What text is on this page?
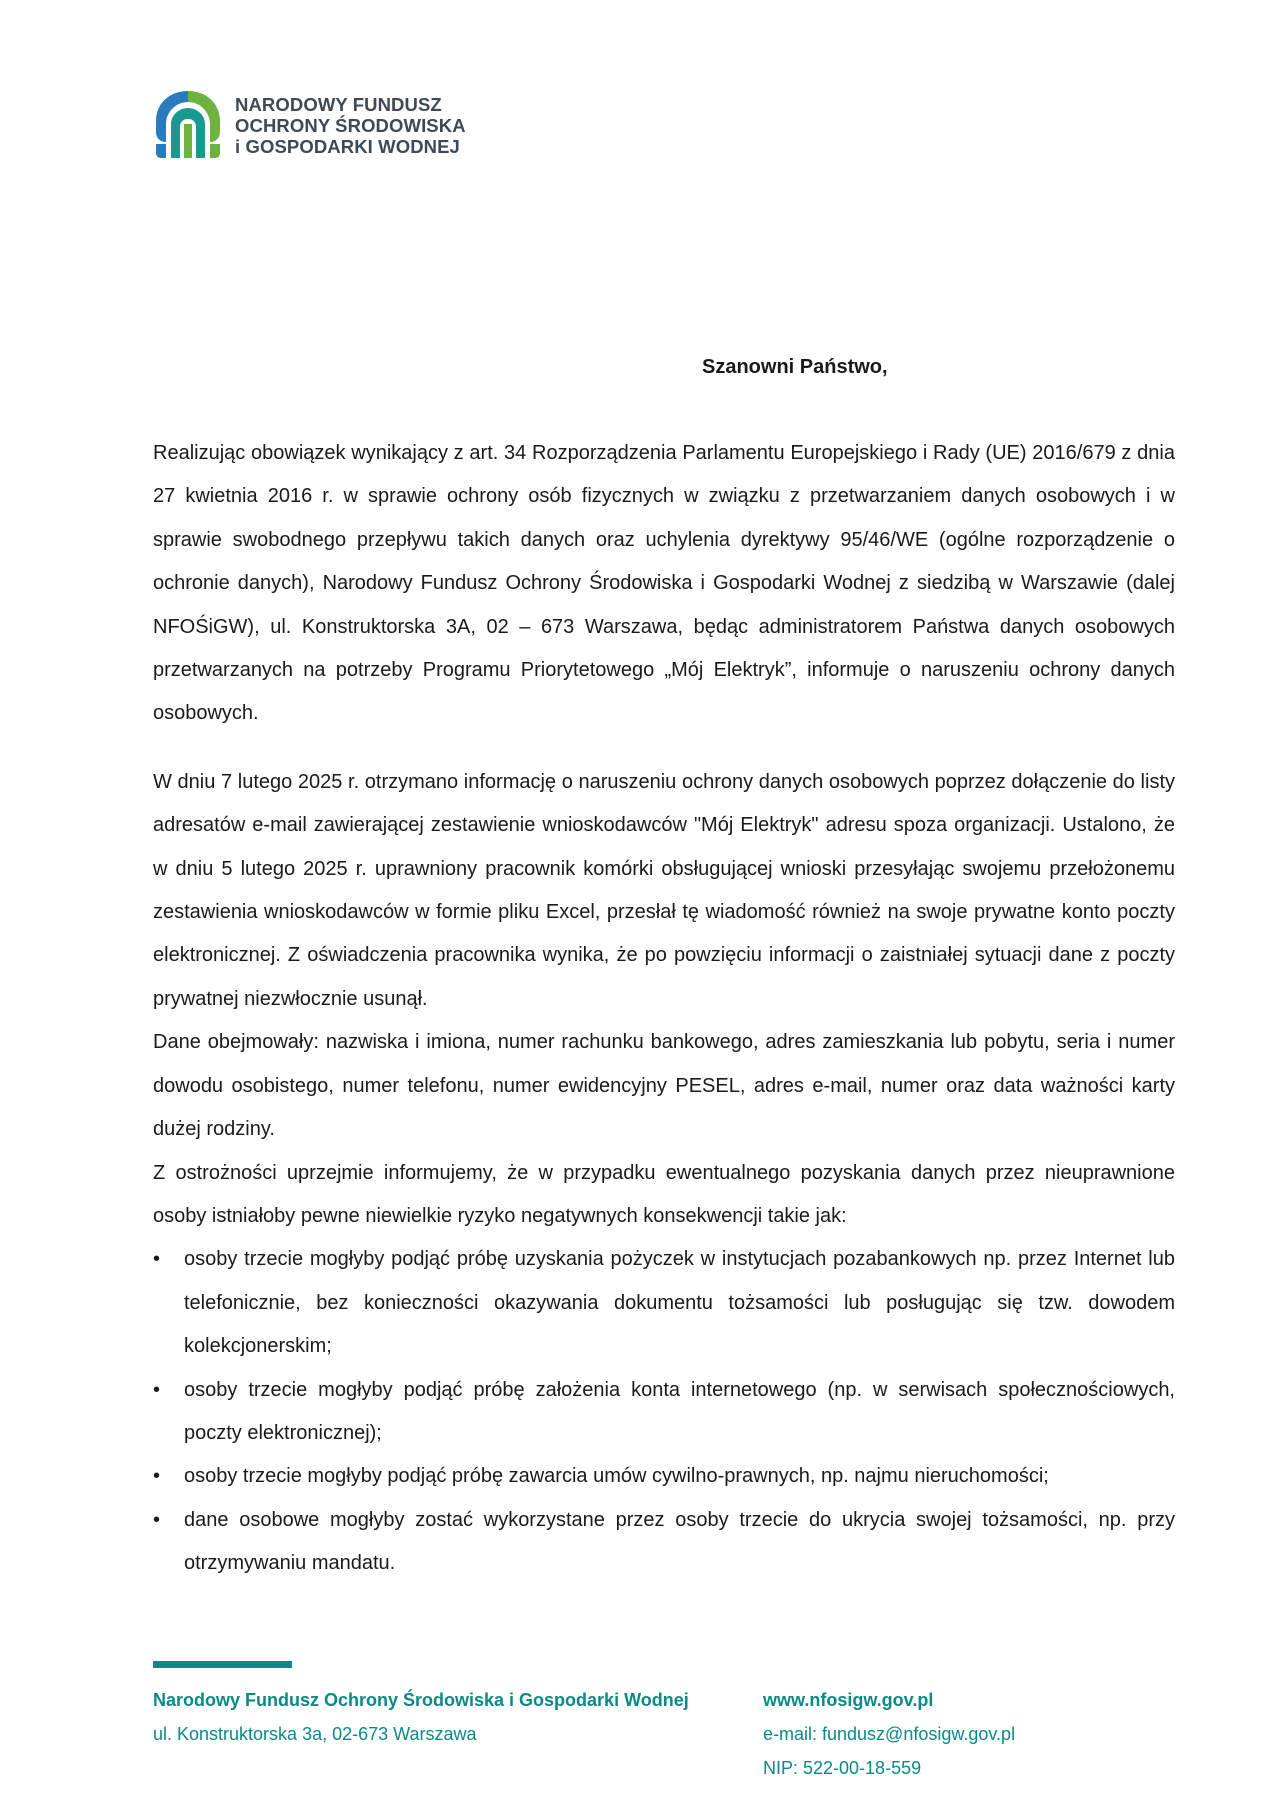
NARODOWY FUNDUSZ
OCHRONY ŚRODOWISKA
i GOSPODARKI WODNEJ
Szanowni Państwo,

Realizując obowiązek wynikający z art. 34 Rozporządzenia Parlamentu Europejskiego i Rady (UE) 2016/679 z dnia 27 kwietnia 2016 r. w sprawie ochrony osób fizycznych w związku z przetwarzaniem danych osobowych i w sprawie swobodnego przepływu takich danych oraz uchylenia dyrektywy 95/46/WE (ogólne rozporządzenie o ochronie danych), Narodowy Fundusz Ochrony Środowiska i Gospodarki Wodnej z siedzibą w Warszawie (dalej NFOŚiGW), ul. Konstruktorska 3A, 02 – 673 Warszawa, będąc administratorem Państwa danych osobowych przetwarzanych na potrzeby Programu Priorytetowego „Mój Elektryk”, informuje o naruszeniu ochrony danych osobowych.

W dniu 7 lutego 2025 r. otrzymano informację o naruszeniu ochrony danych osobowych poprzez dołączenie do listy adresatów e-mail zawierającej zestawienie wnioskodawców "Mój Elektryk" adresu spoza organizacji. Ustalono, że w dniu 5 lutego 2025 r. uprawniony pracownik komórki obsługującej wnioski przesyłając swojemu przełożonemu zestawienia wnioskodawców w formie pliku Excel, przesłał tę wiadomość również na swoje prywatne konto poczty elektronicznej. Z oświadczenia pracownika wynika, że po powzięciu informacji o zaistniałej sytuacji dane z poczty prywatnej niezwłocznie usunął.

Dane obejmowały: nazwiska i imiona, numer rachunku bankowego, adres zamieszkania lub pobytu, seria i numer dowodu osobistego, numer telefonu, numer ewidencyjny PESEL, adres e-mail, numer oraz data ważności karty dużej rodziny.

Z ostrożności uprzejmie informujemy, że w przypadku ewentualnego pozyskania danych przez nieuprawnione osoby istniałoby pewne niewielkie ryzyko negatywnych konsekwencji takie jak:

• osoby trzecie mogłyby podjąć próbę uzyskania pożyczek w instytucjach pozabankowych np. przez Internet lub telefonicznie, bez konieczności okazywania dokumentu tożsamości lub posługując się tzw. dowodem kolekcjonerskim;
• osoby trzecie mogłyby podjąć próbę założenia konta internetowego (np. w serwisach społecznościowych, poczty elektronicznej);
• osoby trzecie mogłyby podjąć próbę zawarcia umów cywilno-prawnych, np. najmu nieruchomości;
• dane osobowe mogłyby zostać wykorzystane przez osoby trzecie do ukrycia swojej tożsamości, np. przy otrzymywaniu mandatu.
Narodowy Fundusz Ochrony Środowiska i Gospodarki Wodnej
ul. Konstruktorska 3a, 02-673 Warszawa
www.nfosigw.gov.pl
e-mail: fundusz@nfosigw.gov.pl
NIP: 522-00-18-559
